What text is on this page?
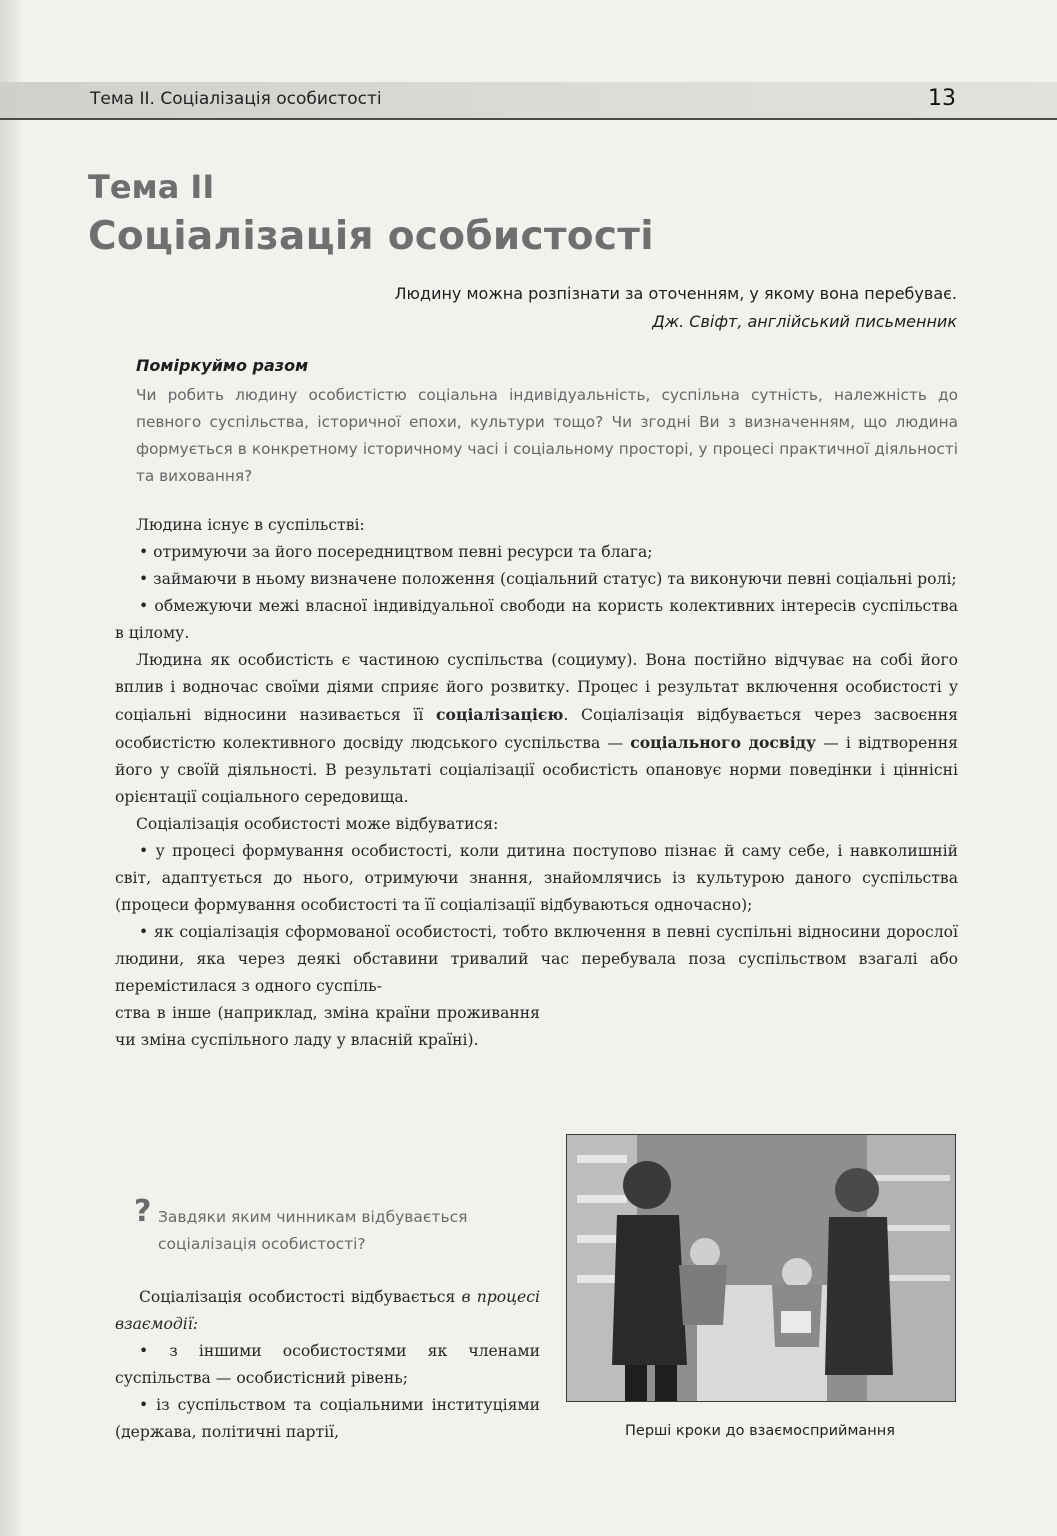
Тема ІІ. Соціалізація особистості	13
Тема ІІ
Соціалізація особистості
Людину можна розпізнати за оточенням, у якому вона перебуває.
Дж. Свіфт, англійський письменник
Поміркуймо разом

Чи робить людину особистістю соціальна індивідуальність, суспільна сутність, належність до певного суспільства, історичної епохи, культури тощо? Чи згодні Ви з визначенням, що людина формується в конкретному історичному часі і соціальному просторі, у процесі практичної діяльності та виховання?

Людина існує в суспільстві:

• отримуючи за його посередництвом певні ресурси та блага;

• займаючи в ньому визначене положення (соціальний статус) та виконуючи певні соціальні ролі;

• обмежуючи межі власної індивідуальної свободи на користь колективних інтересів суспільства в цілому.

Людина як особистість є частиною суспільства (социуму). Вона постійно відчуває на собі його вплив і водночас своїми діями сприяє його розвитку. Процес і результат включення особистості у соціальні відносини називається її соціалізацією. Соціалізація відбувається через засвоєння особистістю колективного досвіду людського суспільства — соціального досвіду — і відтворення його у своїй діяльності. В результаті соціалізації особистість опановує норми поведінки і ціннісні орієнтації соціального середовища.

Соціалізація особистості може відбуватися:

• у процесі формування особистості, коли дитина поступово пізнає й саму себе, і навколишній світ, адаптується до нього, отримуючи знання, знайомлячись із культурою даного суспільства (процеси формування особистості та її соціалізації відбуваються одночасно);

• як соціалізація сформованої особистості, тобто включення в певні суспільні відносини дорослої людини, яка через деякі обставини тривалий час перебувала поза суспільством взагалі або перемістилася з одного суспіль-

ства в інше (наприклад, зміна країни проживання чи зміна суспільного ладу у власній країні).

? Завдяки яким чинникам відбувається
соціалізація особистості?

Соціалізація особистості відбувається в процесі взаємодії:

• з іншими особистостями як членами суспільства — особистісний рівень;

• із суспільством та соціальними інституціями (держава, політичні партії,	Перші кроки до взаємосприймання
